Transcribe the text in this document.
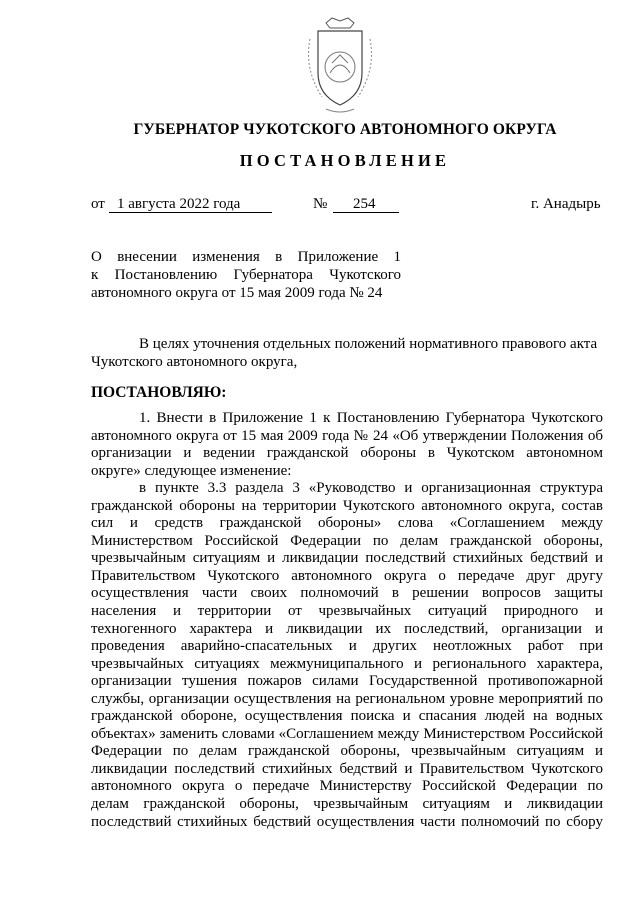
ГУБЕРНАТОР ЧУКОТСКОГО АВТОНОМНОГО ОКРУГА
ПОСТАНОВЛЕНИЕ
от 1 августа 2022 года	№	254	г. Анадырь
О внесении изменения в Приложение 1
к Постановлению Губернатора Чукотского
автономного округа от 15 мая 2009 года № 24
В целях уточнения отдельных положений нормативного правового акта
Чукотского автономного округа,
ПОСТАНОВЛЯЮ:
1. Внести в Приложение 1 к Постановлению Губернатора Чукотского
автономного округа от 15 мая 2009 года № 24 «Об утверждении Положения об
организации и ведении гражданской обороны в Чукотском автономном
округе» следующее изменение:
в пункте 3.3 раздела 3 «Руководство и организационная структура
гражданской обороны на территории Чукотского автономного округа, состав
сил и средств гражданской обороны» слова «Соглашением между
Министерством Российской Федерации по делам гражданской обороны,
чрезвычайным ситуациям и ликвидации последствий стихийных бедствий и
Правительством Чукотского автономного округа о передаче друг другу
осуществления части своих полномочий в решении вопросов защиты
населения и территории от чрезвычайных ситуаций природного и
техногенного характера и ликвидации их последствий, организации и
проведения аварийно-спасательных и других неотложных работ при
чрезвычайных ситуациях межмуниципального и регионального характера,
организации тушения пожаров силами Государственной противопожарной
службы, организации осуществления на региональном уровне мероприятий по
гражданской обороне, осуществления поиска и спасания людей на водных
объектах» заменить словами «Соглашением между Министерством Российской
Федерации по делам гражданской обороны, чрезвычайным ситуациям и
ликвидации последствий стихийных бедствий и Правительством Чукотского
автономного округа о передаче Министерству Российской Федерации по
делам гражданской обороны, чрезвычайным ситуациям и ликвидации
последствий стихийных бедствий осуществления части полномочий по сбору
